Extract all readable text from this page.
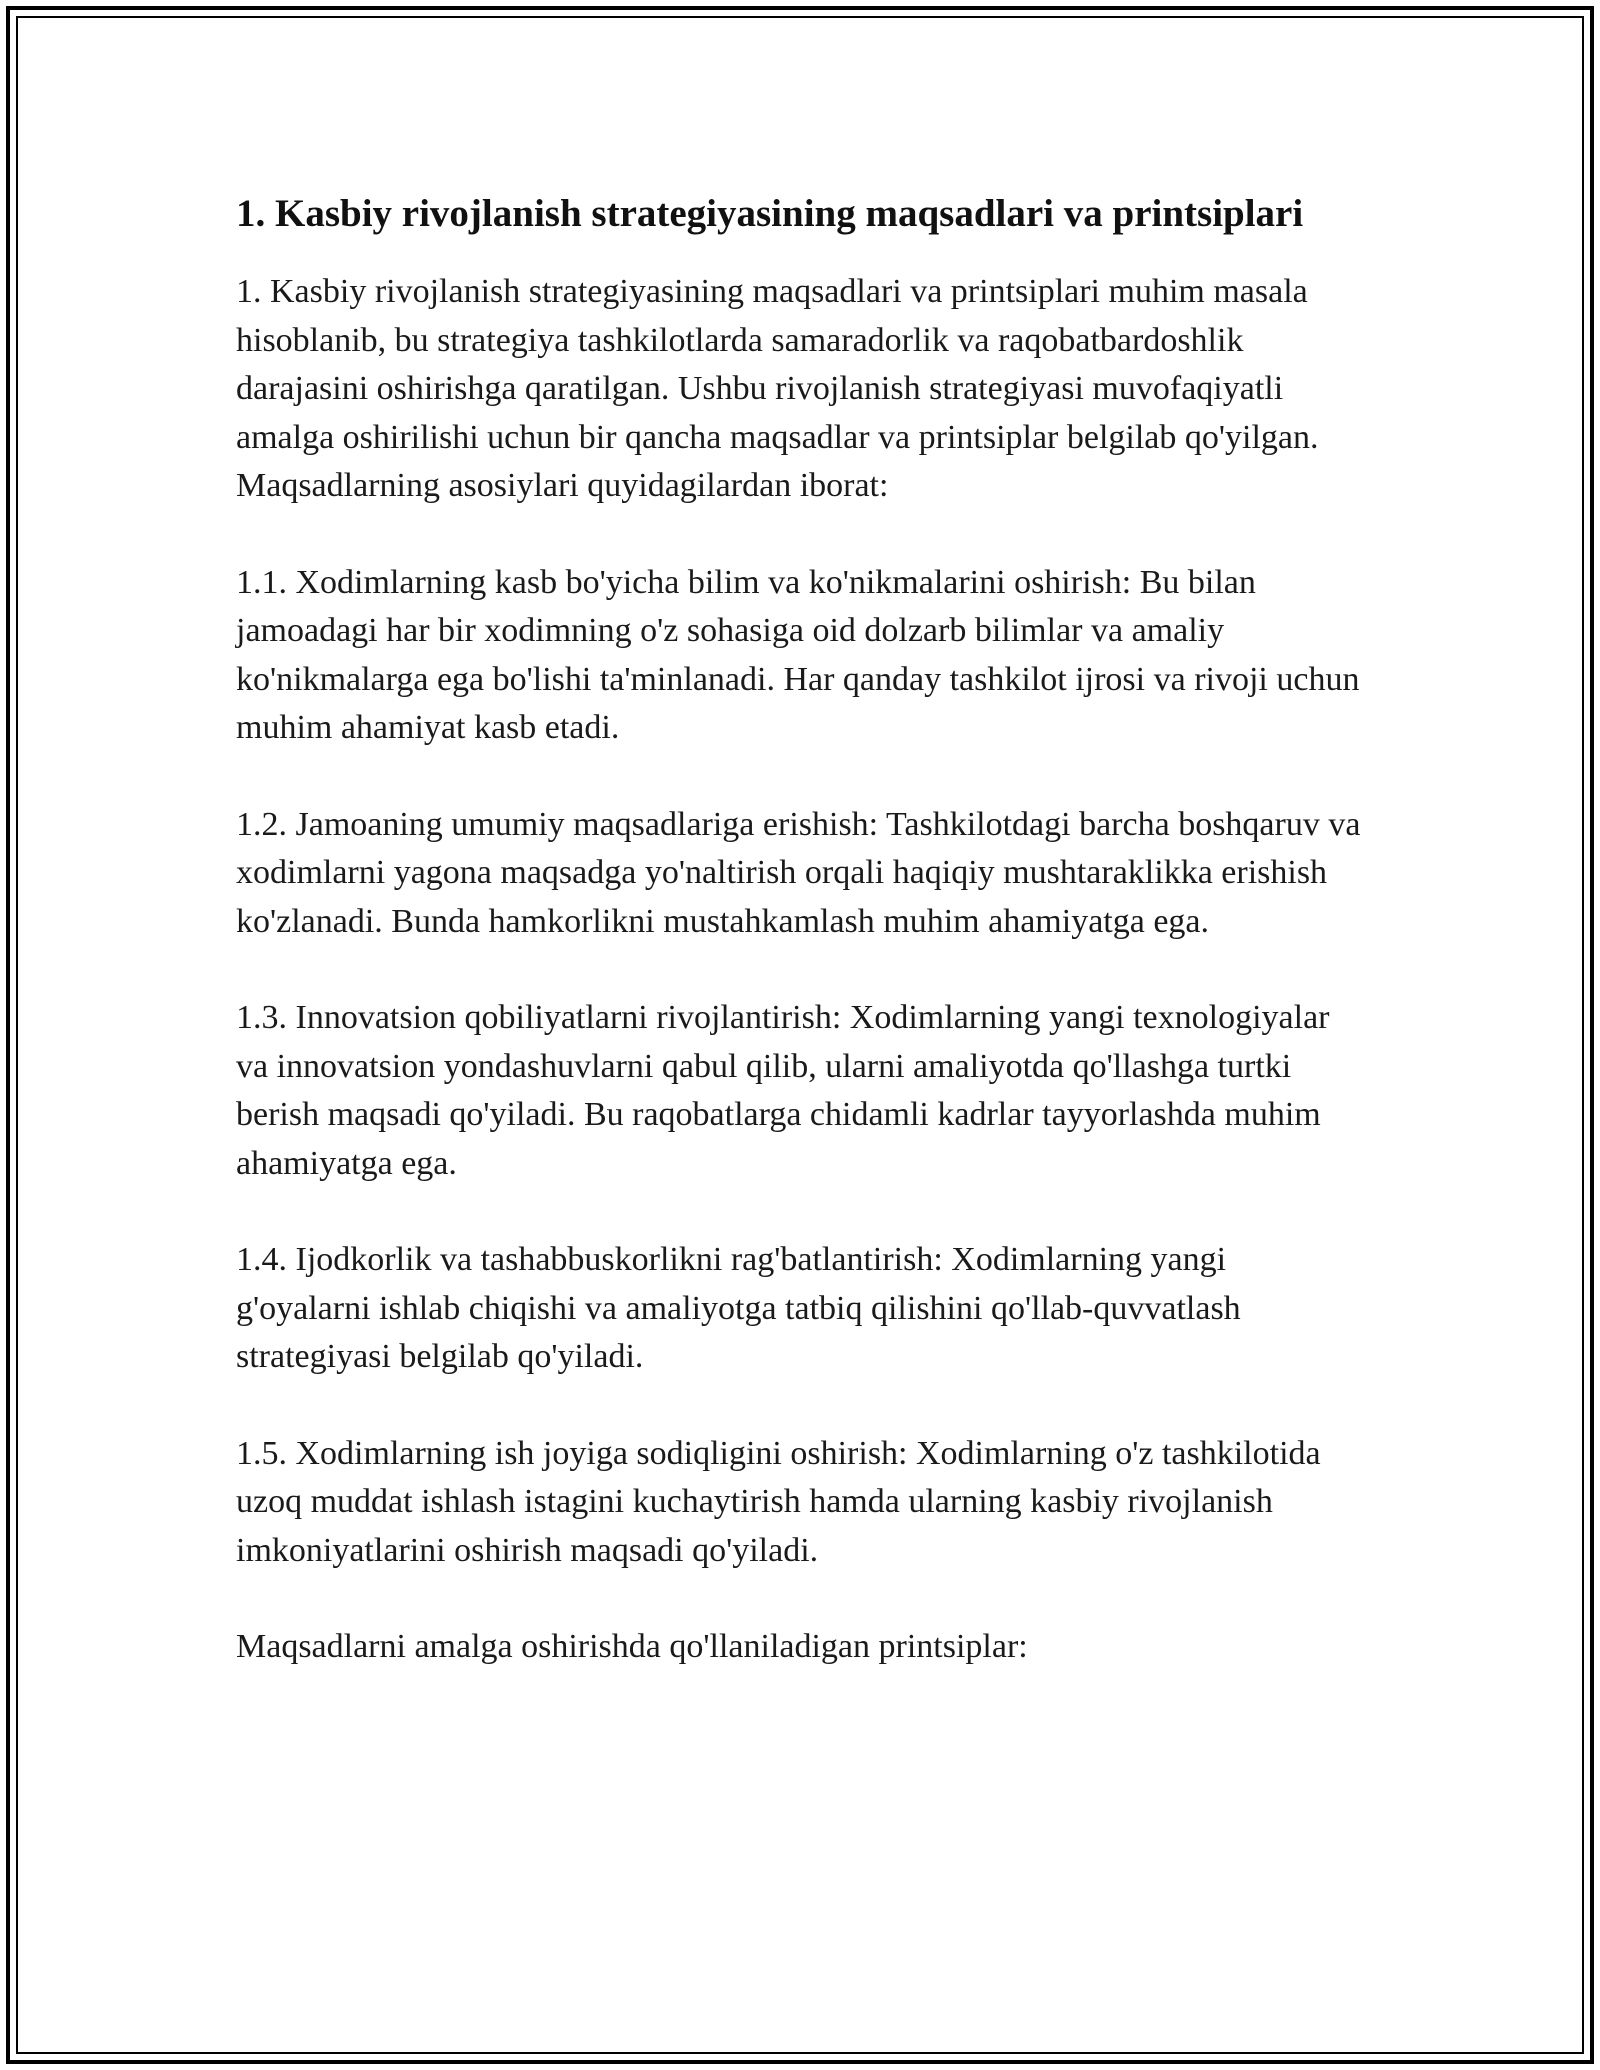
1. Kasbiy rivojlanish strategiyasining maqsadlari va printsiplari

1. Kasbiy rivojlanish strategiyasining maqsadlari va printsiplari muhim masala hisoblanib, bu strategiya tashkilotlarda samaradorlik va raqobatbardoshlik darajasini oshirishga qaratilgan. Ushbu rivojlanish strategiyasi muvofaqiyatli amalga oshirilishi uchun bir qancha maqsadlar va printsiplar belgilab qo'yilgan. Maqsadlarning asosiylari quyidagilardan iborat:

1.1. Xodimlarning kasb bo'yicha bilim va ko'nikmalarini oshirish: Bu bilan jamoadagi har bir xodimning o'z sohasiga oid dolzarb bilimlar va amaliy ko'nikmalarga ega bo'lishi ta'minlanadi. Har qanday tashkilot ijrosi va rivoji uchun muhim ahamiyat kasb etadi.

1.2. Jamoaning umumiy maqsadlariga erishish: Tashkilotdagi barcha boshqaruv va xodimlarni yagona maqsadga yo'naltirish orqali haqiqiy mushtaraklikka erishish ko'zlanadi. Bunda hamkorlikni mustahkamlash muhim ahamiyatga ega.

1.3. Innovatsion qobiliyatlarni rivojlantirish: Xodimlarning yangi texnologiyalar va innovatsion yondashuvlarni qabul qilib, ularni amaliyotda qo'llashga turtki berish maqsadi qo'yiladi. Bu raqobatlarga chidamli kadrlar tayyorlashda muhim ahamiyatga ega.

1.4. Ijodkorlik va tashabbuskorlikni rag'batlantirish: Xodimlarning yangi g'oyalarni ishlab chiqishi va amaliyotga tatbiq qilishini qo'llab-quvvatlash strategiyasi belgilab qo'yiladi.

1.5. Xodimlarning ish joyiga sodiqligini oshirish: Xodimlarning o'z tashkilotida uzoq muddat ishlash istagini kuchaytirish hamda ularning kasbiy rivojlanish imkoniyatlarini oshirish maqsadi qo'yiladi.

Maqsadlarni amalga oshirishda qo'llaniladigan printsiplar:
